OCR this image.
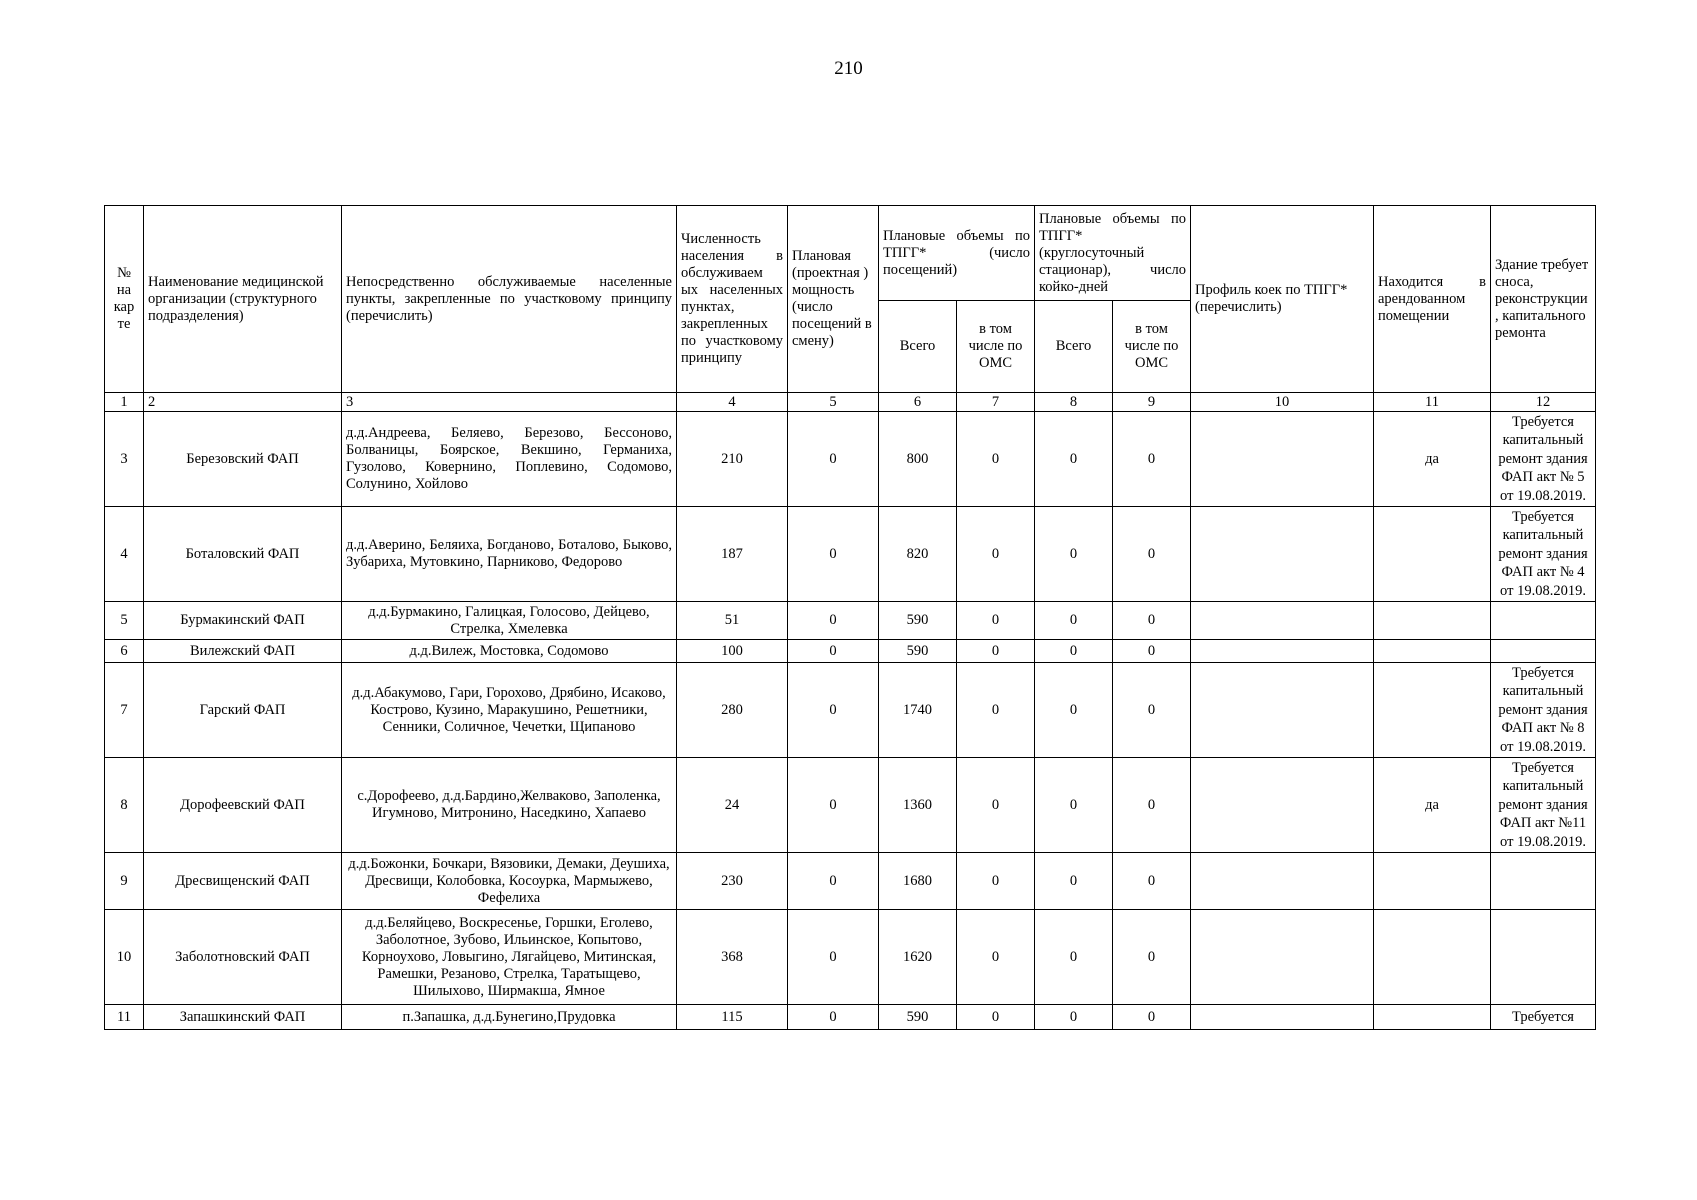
210
№ на кар те	Наименование медицинской организации (структурного подразделения)	Непосредственно обслуживаемые населенные пункты, закрепленные по участковому принципу (перечислить)	Численность населения в обслуживаем ых населенных пунктах, закрепленных по участковому принципу	Плановая (проектная ) мощность (число посещений в смену)	Плановые объемы по ТПГГ* (число посещений)		Плановые объемы по ТПГГ* (круглосуточный стационар), число койко-дней		Профиль коек по ТПГГ* (перечислить)	Находится в арендованном помещении	Здание требует сноса, реконструкции , капитального ремонта
					Всего	в том числе по ОМС	Всего	в том числе по ОМС			
1	2	3	4	5	6	7	8	9	10	11	12
3	Березовский ФАП	д.д.Андреева, Беляево, Березово, Бессоново, Болваницы, Боярское, Векшино, Германиха, Гузолово, Ковернино, Поплевино, Содомово, Солунино, Хойлово	210	0	800	0	0	0		да	Требуется капитальный ремонт здания ФАП акт № 5 от 19.08.2019.
4	Боталовский ФАП	д.д.Аверино, Беляиха, Богданово, Боталово, Быково, Зубариха, Мутовкино, Парниково, Федорово	187	0	820	0	0	0			Требуется капитальный ремонт здания ФАП акт № 4 от 19.08.2019.
5	Бурмакинский ФАП	д.д.Бурмакино, Галицкая, Голосово, Дейцево, Стрелка, Хмелевка	51	0	590	0	0	0			
6	Вилежский ФАП	д.д.Вилеж, Мостовка, Содомово	100	0	590	0	0	0			
7	Гарский ФАП	д.д.Абакумово, Гари, Горохово, Дрябино, Исаково, Кострово, Кузино, Маракушино, Решетники, Сенники, Соличное, Чечетки, Щипаново	280	0	1740	0	0	0			Требуется капитальный ремонт здания ФАП акт № 8 от 19.08.2019.
8	Дорофеевский ФАП	с.Дорофеево, д.д.Бардино,Желваково, Заполенка, Игумново, Митронино, Наседкино, Хапаево	24	0	1360	0	0	0		да	Требуется капитальный ремонт здания ФАП акт №11 от 19.08.2019.
9	Дресвищенский ФАП	д.д.Божонки, Бочкари, Вязовики, Демаки, Деушиха, Дресвищи, Колобовка, Косоурка, Мармыжево, Фефелиха	230	0	1680	0	0	0			
10	Заболотновский ФАП	д.д.Беляйцево, Воскресенье, Горшки, Еголево, Заболотное, Зубово, Ильинское, Копытово, Корноухово, Ловыгино, Лягайцево, Митинская, Рамешки, Резаново, Стрелка, Таратыщево, Шилыхово, Ширмакша, Ямное	368	0	1620	0	0	0			
11	Запашкинский ФАП	п.Запашка, д.д.Бунегино,Прудовка	115	0	590	0	0	0			Требуется
